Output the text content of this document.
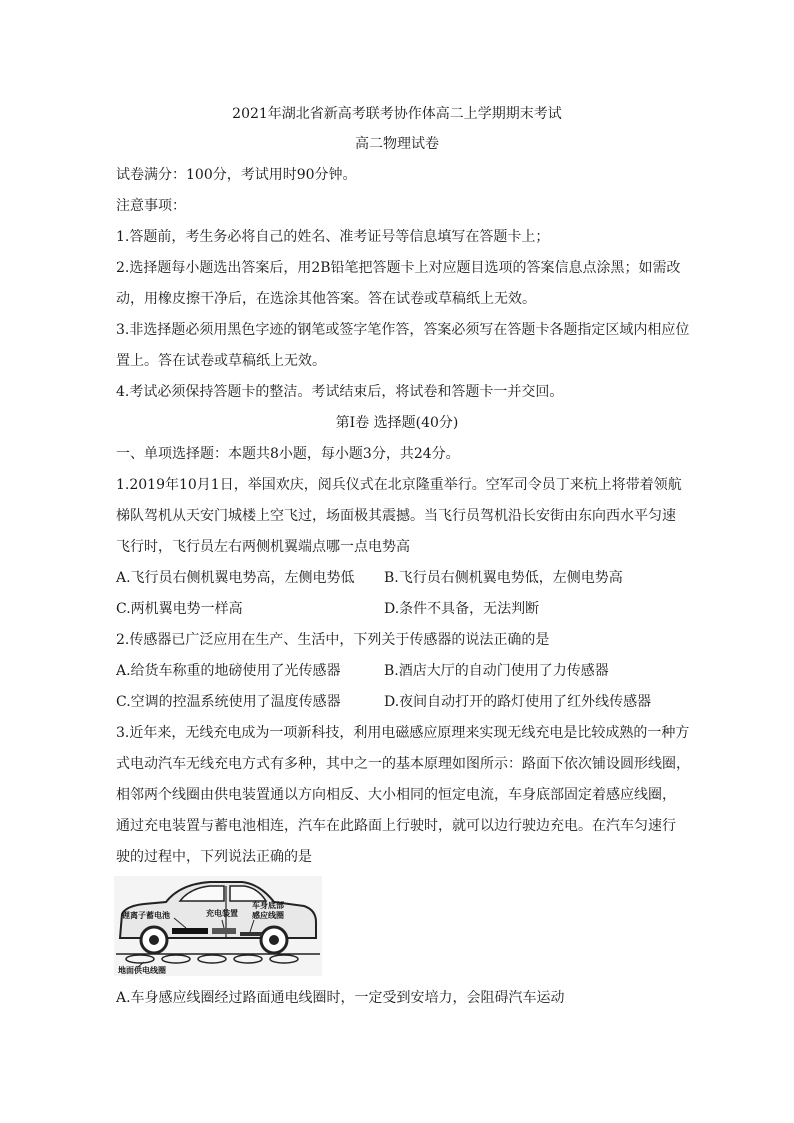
2021年湖北省新高考联考协作体高二上学期期末考试
高二物理试卷
试卷满分：100分，考试用时90分钟。
注意事项：
1.答题前，考生务必将自己的姓名、准考证号等信息填写在答题卡上；
2.选择题每小题选出答案后，用2B铅笔把答题卡上对应题目选项的答案信息点涂黑；如需改
动，用橡皮擦干净后，在选涂其他答案。答在试卷或草稿纸上无效。
3.非选择题必须用黑色字迹的钢笔或签字笔作答，答案必须写在答题卡各题指定区域内相应位
置上。答在试卷或草稿纸上无效。
4.考试必须保持答题卡的整洁。考试结束后，将试卷和答题卡一并交回。
第Ⅰ卷 选择题(40分)
一、单项选择题：本题共8小题，每小题3分，共24分。
1.2019年10月1日，举国欢庆，阅兵仪式在北京隆重举行。空军司令员丁来杭上将带着领航
梯队驾机从天安门城楼上空飞过，场面极其震撼。当飞行员驾机沿长安街由东向西水平匀速
飞行时，飞行员左右两侧机翼端点哪一点电势高
A.飞行员右侧机翼电势高，左侧电势低 B.飞行员右侧机翼电势低，左侧电势高
C.两机翼电势一样高	D.条件不具备，无法判断
2.传感器已广泛应用在生产、生活中，下列关于传感器的说法正确的是
A.给货车称重的地磅使用了光传感器	B.酒店大厅的自动门使用了力传感器
C.空调的控温系统使用了温度传感器	D.夜间自动打开的路灯使用了红外线传感器
3.近年来，无线充电成为一项新科技，利用电磁感应原理来实现无线充电是比较成熟的一种方
式电动汽车无线充电方式有多种，其中之一的基本原理如图所示：路面下依次铺设圆形线圈，
相邻两个线圈由供电装置通以方向相反、大小相同的恒定电流，车身底部固定着感应线圈，
通过充电装置与蓄电池相连，汽车在此路面上行驶时，就可以边行驶边充电。在汽车匀速行
驶的过程中，下列说法正确的是
锂离子蓄电池	充电装置
车身底部
感应线圈
地面供电线圈
A.车身感应线圈经过路面通电线圈时，一定受到安培力，会阻碍汽车运动
